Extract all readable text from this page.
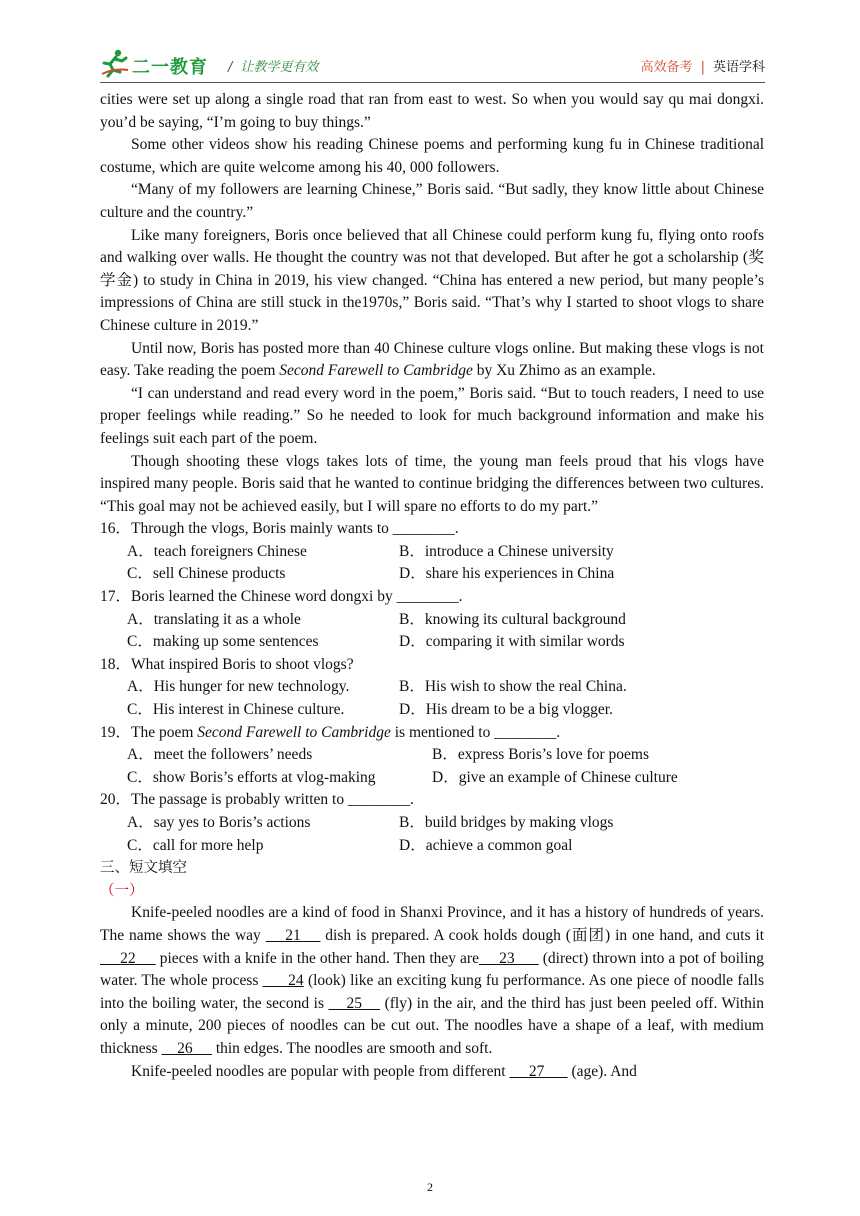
二一教育 / 让教学更有效	高效备考 | 英语学科

cities were set up along a single road that ran from east to west. So when you would say qu mai dongxi. you’d be saying, “I’m going to buy things.”

Some other videos show his reading Chinese poems and performing kung fu in Chinese traditional costume, which are quite welcome among his 40, 000 followers.

“Many of my followers are learning Chinese,” Boris said. “But sadly, they know little about Chinese culture and the country.”

Like many foreigners, Boris once believed that all Chinese could perform kung fu, flying onto roofs and walking over walls. He thought the country was not that developed. But after he got a scholarship (奖学金) to study in China in 2019, his view changed. “China has entered a new period, but many people’s impressions of China are still stuck in the1970s,” Boris said. “That’s why I started to shoot vlogs to share Chinese culture in 2019.”

Until now, Boris has posted more than 40 Chinese culture vlogs online. But making these vlogs is not easy. Take reading the poem Second Farewell to Cambridge by Xu Zhimo as an example.

“I can understand and read every word in the poem,” Boris said. “But to touch readers, I need to use proper feelings while reading.” So he needed to look for much background information and make his feelings suit each part of the poem.

Though shooting these vlogs takes lots of time, the young man feels proud that his vlogs have inspired many people. Boris said that he wanted to continue bridging the differences between two cultures. “This goal may not be achieved easily, but I will spare no efforts to do my part.”

16．Through the vlogs, Boris mainly wants to ________.

A．teach foreigners Chinese	B．introduce a Chinese university
C．sell Chinese products	D．share his experiences in China

17．Boris learned the Chinese word dongxi by ________.

A．translating it as a whole	B．knowing its cultural background
C．making up some sentences	D．comparing it with similar words

18．What inspired Boris to shoot vlogs?

A．His hunger for new technology.	B．His wish to show the real China.
C．His interest in Chinese culture.	D．His dream to be a big vlogger.

19．The poem Second Farewell to Cambridge is mentioned to ________.

A．meet the followers’ needs	B．express Boris’s love for poems
C．show Boris’s efforts at vlog-making	D．give an example of Chinese culture

20．The passage is probably written to ________.

A．say yes to Boris’s actions	B．build bridges by making vlogs
C．call for more help	D．achieve a common goal

三、短文填空

（一）

Knife-peeled noodles are a kind of food in Shanxi Province, and it has a history of hundreds of years. The name shows the way     21     dish is prepared. A cook holds dough (面团) in one hand, and cuts it      22      pieces with a knife in the other hand. Then they are     23       (direct) thrown into a pot of boiling water. The whole process       24 (look) like an exciting kung fu performance. As one piece of noodle falls into the boiling water, the second is     25     (fly) in the air, and the third has just been peeled off. Within only a minute, 200 pieces of noodles can be cut out. The noodles have a shape of a leaf, with medium thickness     26      thin edges. The noodles are smooth and soft.

Knife-peeled noodles are popular with people from different      27       (age). And

2
